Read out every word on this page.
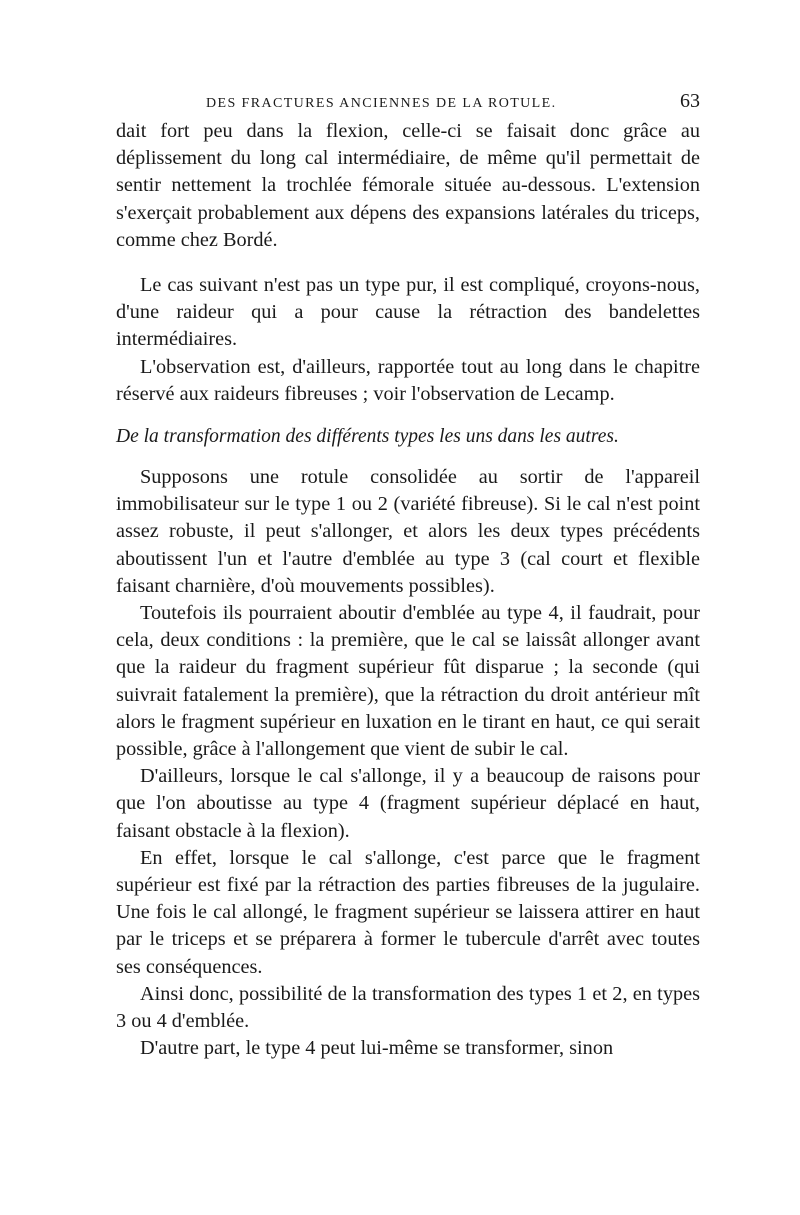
DES FRACTURES ANCIENNES DE LA ROTULE.	63

dait fort peu dans la flexion, celle-ci se faisait donc grâce au déplissement du long cal intermédiaire, de même qu'il permettait de sentir nettement la trochlée fémorale située au-dessous. L'extension s'exerçait probablement aux dépens des expansions latérales du triceps, comme chez Bordé.

Le cas suivant n'est pas un type pur, il est compliqué, croyons-nous, d'une raideur qui a pour cause la rétraction des bandelettes intermédiaires.

L'observation est, d'ailleurs, rapportée tout au long dans le chapitre réservé aux raideurs fibreuses ; voir l'observation de Lecamp.

De la transformation des différents types les uns dans les autres.

Supposons une rotule consolidée au sortir de l'appareil immobilisateur sur le type 1 ou 2 (variété fibreuse). Si le cal n'est point assez robuste, il peut s'allonger, et alors les deux types précédents aboutissent l'un et l'autre d'emblée au type 3 (cal court et flexible faisant charnière, d'où mouvements possibles).

Toutefois ils pourraient aboutir d'emblée au type 4, il faudrait, pour cela, deux conditions : la première, que le cal se laissât allonger avant que la raideur du fragment supérieur fût disparue ; la seconde (qui suivrait fatalement la première), que la rétraction du droit antérieur mît alors le fragment supérieur en luxation en le tirant en haut, ce qui serait possible, grâce à l'allongement que vient de subir le cal.

D'ailleurs, lorsque le cal s'allonge, il y a beaucoup de raisons pour que l'on aboutisse au type 4 (fragment supérieur déplacé en haut, faisant obstacle à la flexion).

En effet, lorsque le cal s'allonge, c'est parce que le fragment supérieur est fixé par la rétraction des parties fibreuses de la jugulaire. Une fois le cal allongé, le fragment supérieur se laissera attirer en haut par le triceps et se préparera à former le tubercule d'arrêt avec toutes ses conséquences.

Ainsi donc, possibilité de la transformation des types 1 et 2, en types 3 ou 4 d'emblée.

D'autre part, le type 4 peut lui-même se transformer, sinon
